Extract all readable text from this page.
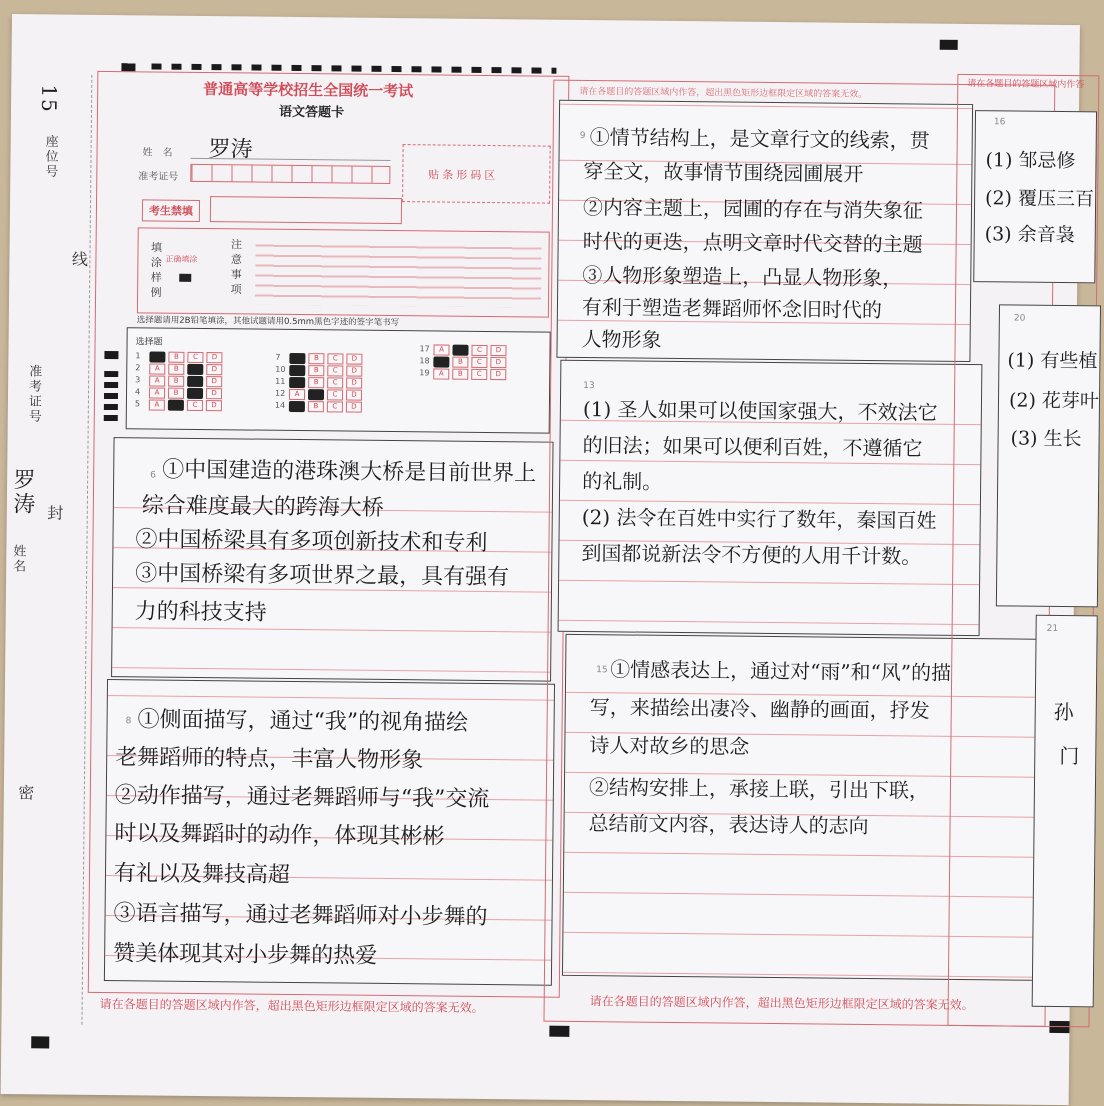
座位号
15
线
准考证号
罗涛
姓名
封
密
普通高等学校招生全国统一考试
语文答题卡
姓　名 罗涛
准考证号	贴条形码区
考生禁填
填涂样例 正确填涂	注意事项
选择题请用2B铅笔填涂，其他试题请用0.5mm黑色字迹的签字笔书写
选择题
1	B C D
2A B	D
3A B	D
4A B	D
5A	C D
7	B C D
10	B C D
11	B C D
12A	C D
14	B C D
17A	C D
18	B C D
19A B C D
6 ①中国建造的港珠澳大桥是目前世界上
综合难度最大的跨海大桥
②中国桥梁具有多项创新技术和专利
③中国桥梁有多项世界之最，具有强有
力的科技支持
8 ①侧面描写，通过“我”的视角描绘
老舞蹈师的特点，丰富人物形象
②动作描写，通过老舞蹈师与“我”交流
时以及舞蹈时的动作，体现其彬彬
有礼以及舞技高超
③语言描写，通过老舞蹈师对小步舞的
赞美体现其对小步舞的热爱
请在各题目的答题区域内作答，超出黑色矩形边框限定区域的答案无效。
请在各题目的答题区域内作答，超出黑色矩形边框限定区域的答案无效。
9 ①情节结构上，是文章行文的线索，贯
穿全文，故事情节围绕园圃展开
②内容主题上，园圃的存在与消失象征
时代的更迭，点明文章时代交替的主题
③人物形象塑造上，凸显人物形象，
有利于塑造老舞蹈师怀念旧时代的
人物形象
13
(1) 圣人如果可以使国家强大，不效法它
的旧法；如果可以便利百姓，不遵循它
的礼制。
(2) 法令在百姓中实行了数年，秦国百姓
到国都说新法令不方便的人用千计数。
15 ①情感表达上，通过对“雨”和“风”的描
写，来描绘出凄冷、幽静的画面，抒发
诗人对故乡的思念
②结构安排上，承接上联，引出下联，
总结前文内容，表达诗人的志向
请在各题目的答题区域内作答，超出黑色矩形边框限定区域的答案无效。
请在各题目的答题区域内作答
16
(1) 邹忌修
(2) 覆压三百
(3) 余音袅
20
(1) 有些植
(2) 花芽叶
(3) 生长
21
孙
门
